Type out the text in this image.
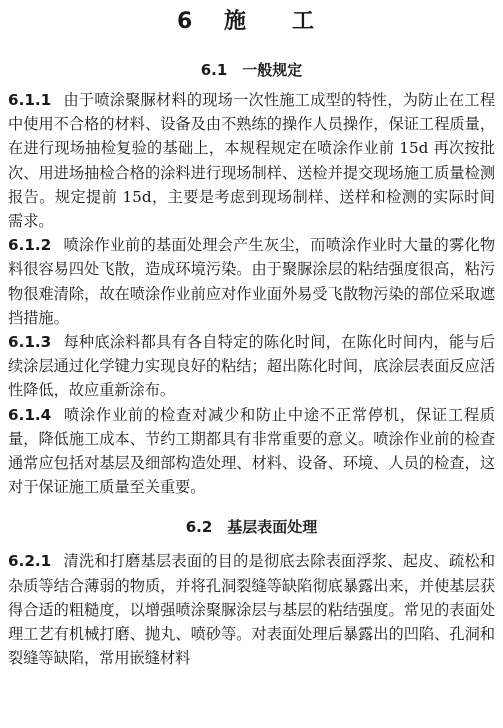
6 施　工
6.1　一般规定

6.1.1 由于喷涂聚脲材料的现场一次性施工成型的特性，为防止在工程中使用不合格的材料、设备及由不熟练的操作人员操作，保证工程质量，在进行现场抽检复验的基础上，本规程规定在喷涂作业前 15d 再次按批次、用进场抽检合格的涂料进行现场制样、送检并提交现场施工质量检测报告。规定提前 15d，主要是考虑到现场制样、送样和检测的实际时间需求。

6.1.2 喷涂作业前的基面处理会产生灰尘，而喷涂作业时大量的雾化物料很容易四处飞散，造成环境污染。由于聚脲涂层的粘结强度很高，粘污物很难清除，故在喷涂作业前应对作业面外易受飞散物污染的部位采取遮挡措施。

6.1.3 每种底涂料都具有各自特定的陈化时间，在陈化时间内，能与后续涂层通过化学键力实现良好的粘结；超出陈化时间，底涂层表面反应活性降低，故应重新涂布。

6.1.4 喷涂作业前的检查对减少和防止中途不正常停机，保证工程质量，降低施工成本、节约工期都具有非常重要的意义。喷涂作业前的检查通常应包括对基层及细部构造处理、材料、设备、环境、人员的检查，这对于保证施工质量至关重要。

6.2　基层表面处理

6.2.1 清洗和打磨基层表面的目的是彻底去除表面浮浆、起皮、疏松和杂质等结合薄弱的物质，并将孔洞裂缝等缺陷彻底暴露出来，并使基层获得合适的粗糙度，以增强喷涂聚脲涂层与基层的粘结强度。常见的表面处理工艺有机械打磨、抛丸、喷砂等。对表面处理后暴露出的凹陷、孔洞和裂缝等缺陷，常用嵌缝材料
